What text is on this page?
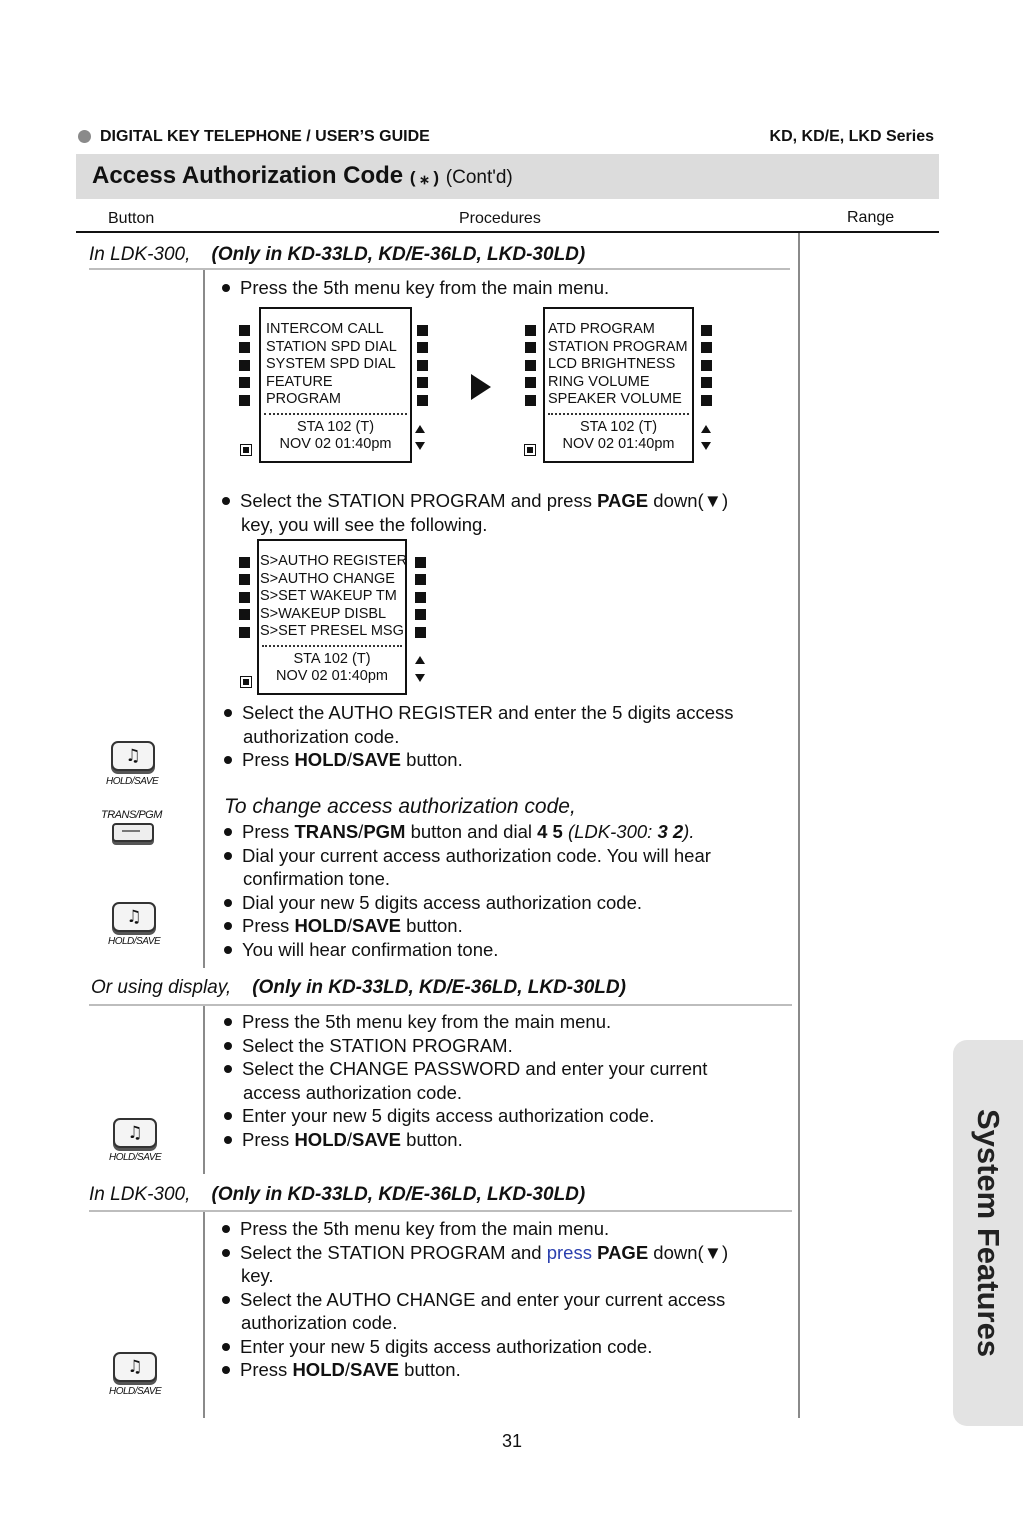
DIGITAL KEY TELEPHONE / USER’S GUIDE	KD, KD/E, LKD Series
Access Authorization Code ( ⁎ ) (Cont'd)
Button	Procedures	Range
In LDK-300, (Only in KD-33LD, KD/E-36LD, LKD-30LD)
Press the 5th menu key from the main menu.
INTERCOM CALL
STATION SPD DIAL
SYSTEM SPD DIAL
FEATURE
PROGRAM
STA 102 (T)
NOV 02 01:40pm
ATD PROGRAM
STATION PROGRAM
LCD BRIGHTNESS
RING VOLUME
SPEAKER VOLUME
STA 102 (T)
NOV 02 01:40pm
Select the STATION PROGRAM and press PAGE down(▼)
key, you will see the following.
S>AUTHO REGISTER
S>AUTHO CHANGE
S>SET WAKEUP TM
S>WAKEUP DISBL
S>SET PRESEL MSG
STA 102 (T)
NOV 02 01:40pm
Select the AUTHO REGISTER and enter the 5 digits access
authorization code.
Press HOLD/SAVE button.
♫
HOLD/SAVE
To change access authorization code,
TRANS/PGM
Press TRANS/PGM button and dial 4 5 (LDK-300: 3 2).
Dial your current access authorization code. You will hear
confirmation tone.
Dial your new 5 digits access authorization code.
Press HOLD/SAVE button.
You will hear confirmation tone.
♫
HOLD/SAVE
Or using display, (Only in KD-33LD, KD/E-36LD, LKD-30LD)
Press the 5th menu key from the main menu.
Select the STATION PROGRAM.
Select the CHANGE PASSWORD and enter your current
access authorization code.
Enter your new 5 digits access authorization code.
Press HOLD/SAVE button.
♫
HOLD/SAVE
In LDK-300, (Only in KD-33LD, KD/E-36LD, LKD-30LD)
Press the 5th menu key from the main menu.
Select the STATION PROGRAM and press PAGE down(▼)
key.
Select the AUTHO CHANGE and enter your current access
authorization code.
Enter your new 5 digits access authorization code.
Press HOLD/SAVE button.
♫
HOLD/SAVE
System Features
31
